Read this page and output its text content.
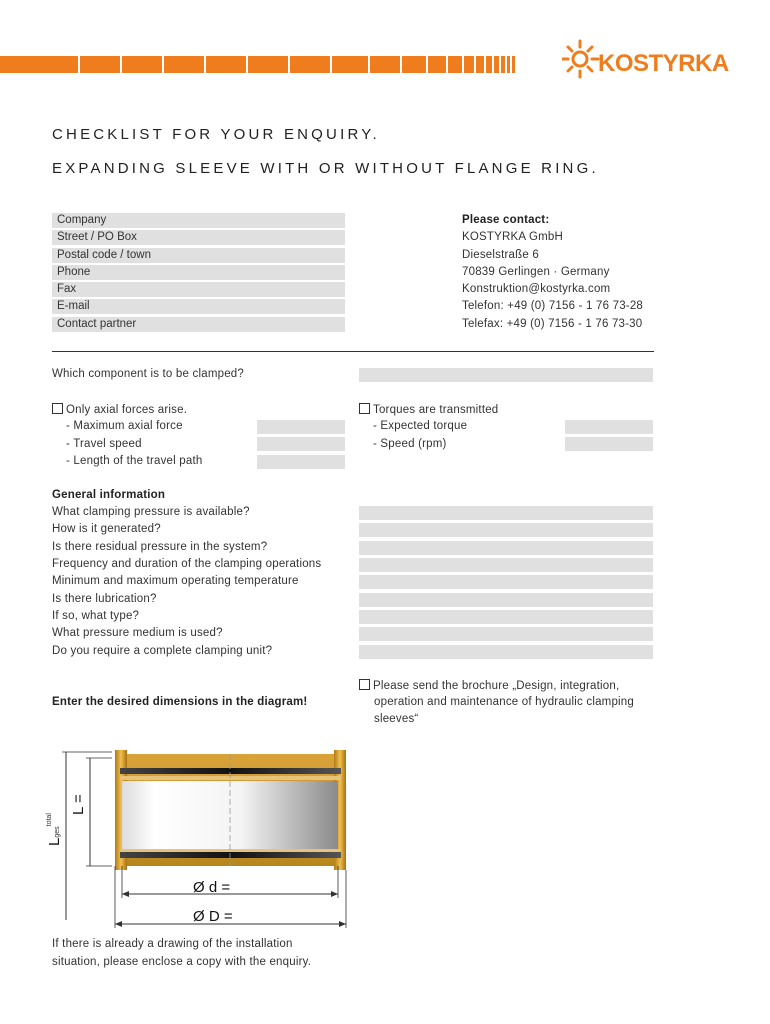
KOSTYRKA
CHECKLIST FOR YOUR ENQUIRY.
EXPANDING SLEEVE WITH OR WITHOUT FLANGE RING.
Company
Street / PO Box
Postal code / town
Phone
Fax
E-mail
Contact partner
Please contact:
KOSTYRKA GmbH
Dieselstraße 6
70839 Gerlingen · Germany
Konstruktion@kostyrka.com
Telefon: +49 (0) 7156 - 1 76 73-28
Telefax: +49 (0) 7156 - 1 76 73-30
Which component is to be clamped?
Only axial forces arise.
- Maximum axial force
- Travel speed
- Length of the travel path
Torques are transmitted
- Expected torque
- Speed (rpm)
General information
What clamping pressure is available?
How is it generated?
Is there residual pressure in the system?
Frequency and duration of the clamping operations
Minimum and maximum operating temperature
Is there lubrication?
If so, what type?
What pressure medium is used?
Do you require a complete clamping unit?
Enter the desired dimensions in the diagram!
Please send the brochure „Design, integration,
operation and maintenance of hydraulic clamping
sleeves“
Ø d =
Ø D =
L =
Lges$^{total}$
If there is already a drawing of the installation
situation, please enclose a copy with the enquiry.
